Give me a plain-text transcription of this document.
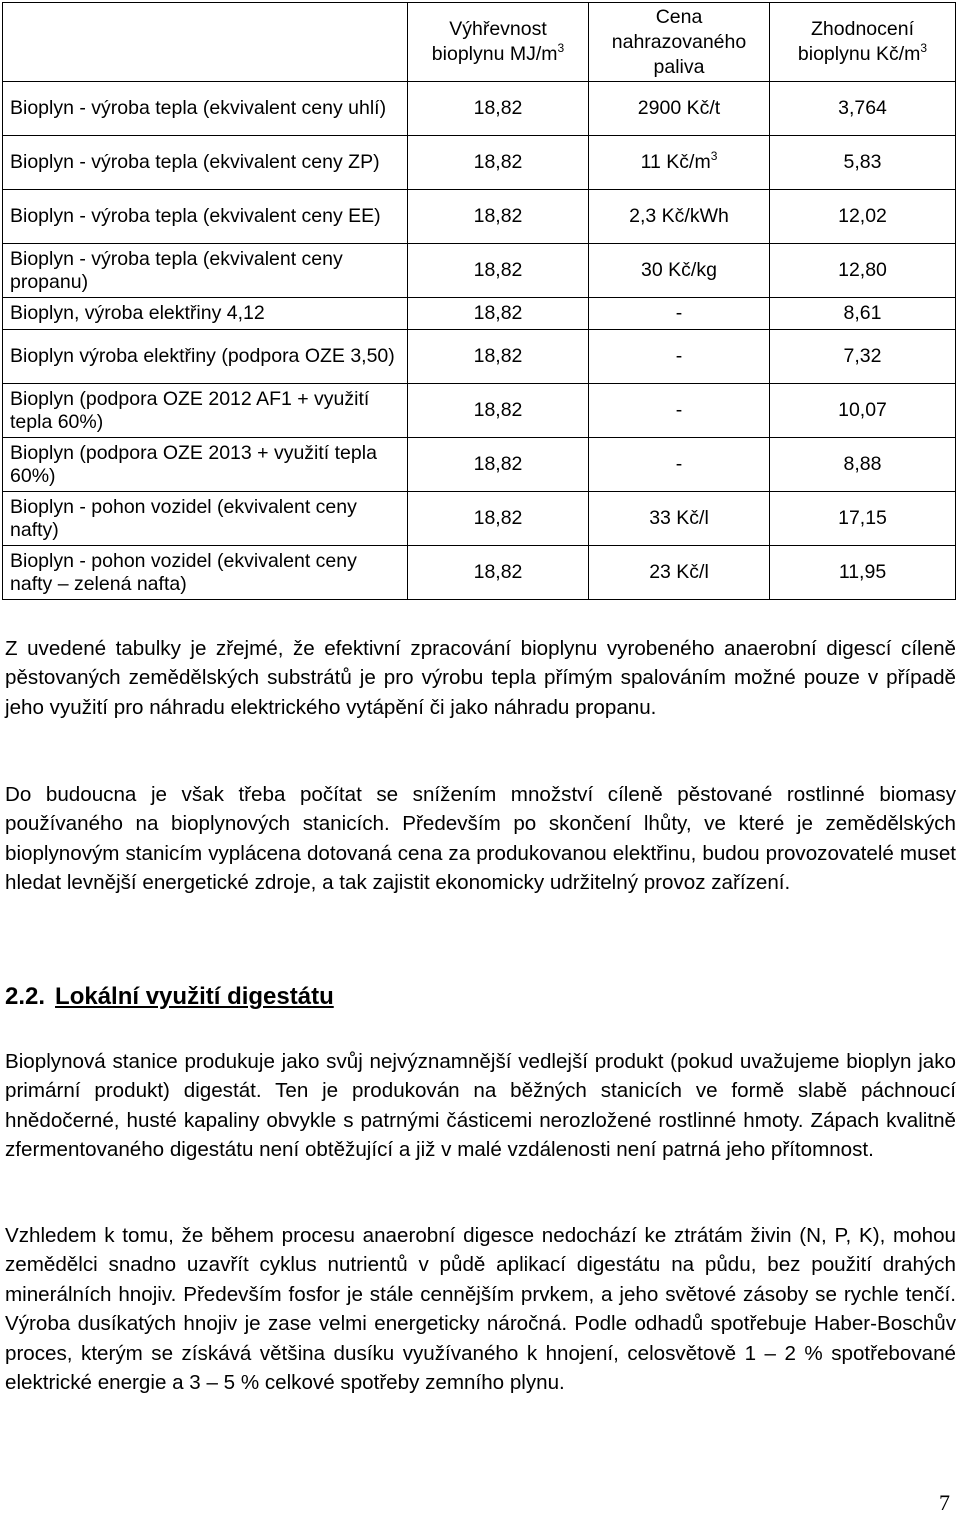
	Výhřevnost bioplynu $MJ/m^3$	Cena nahrazovaného paliva	Zhodnocení bioplynu $Kč/m^3$
Bioplyn - výroba tepla (ekvivalent ceny uhlí)	18,82	2900 Kč/t	3,764
Bioplyn - výroba tepla (ekvivalent ceny ZP)	18,82	11 $Kč/m^3$	5,83
Bioplyn - výroba tepla (ekvivalent ceny EE)	18,82	2,3 Kč/kWh	12,02
Bioplyn - výroba tepla (ekvivalent ceny propanu)	18,82	30 Kč/kg	12,80
Bioplyn, výroba elektřiny 4,12	18,82	-	8,61
Bioplyn výroba elektřiny (podpora OZE 3,50)	18,82	-	7,32
Bioplyn (podpora OZE 2012 AF1 + využití tepla 60%)	18,82	-	10,07
Bioplyn (podpora OZE 2013 + využití tepla 60%)	18,82	-	8,88
Bioplyn - pohon vozidel (ekvivalent ceny nafty)	18,82	33 Kč/l	17,15
Bioplyn - pohon vozidel (ekvivalent ceny nafty – zelená nafta)	18,82	23 Kč/l	11,95

Z uvedené tabulky je zřejmé, že efektivní zpracování bioplynu vyrobeného anaerobní digescí cíleně pěstovaných zemědělských substrátů je pro výrobu tepla přímým spalováním možné pouze v případě jeho využití pro náhradu elektrického vytápění či jako náhradu propanu.

Do budoucna je však třeba počítat se snížením množství cíleně pěstované rostlinné biomasy používaného na bioplynových stanicích. Především po skončení lhůty, ve které je zemědělských bioplynovým stanicím vyplácena dotovaná cena za produkovanou elektřinu, budou provozovatelé muset hledat levnější energetické zdroje, a tak zajistit ekonomicky udržitelný provoz zařízení.

2.2. Lokální využití digestátu

Bioplynová stanice produkuje jako svůj nejvýznamnější vedlejší produkt (pokud uvažujeme bioplyn jako primární produkt) digestát. Ten je produkován na běžných stanicích ve formě slabě páchnoucí hnědočerné, husté kapaliny obvykle s patrnými částicemi nerozložené rostlinné hmoty. Zápach kvalitně zfermentovaného digestátu není obtěžující a již v malé vzdálenosti není patrná jeho přítomnost.

Vzhledem k tomu, že během procesu anaerobní digesce nedochází ke ztrátám živin (N, P, K), mohou zemědělci snadno uzavřít cyklus nutrientů v půdě aplikací digestátu na půdu, bez použití drahých minerálních hnojiv. Především fosfor je stále cennějším prvkem, a jeho světové zásoby se rychle tenčí. Výroba dusíkatých hnojiv je zase velmi energeticky náročná. Podle odhadů spotřebuje Haber-Boschův proces, kterým se získává většina dusíku využívaného k hnojení, celosvětově 1 – 2 % spotřebované elektrické energie a 3 – 5 % celkové spotřeby zemního plynu.

7
